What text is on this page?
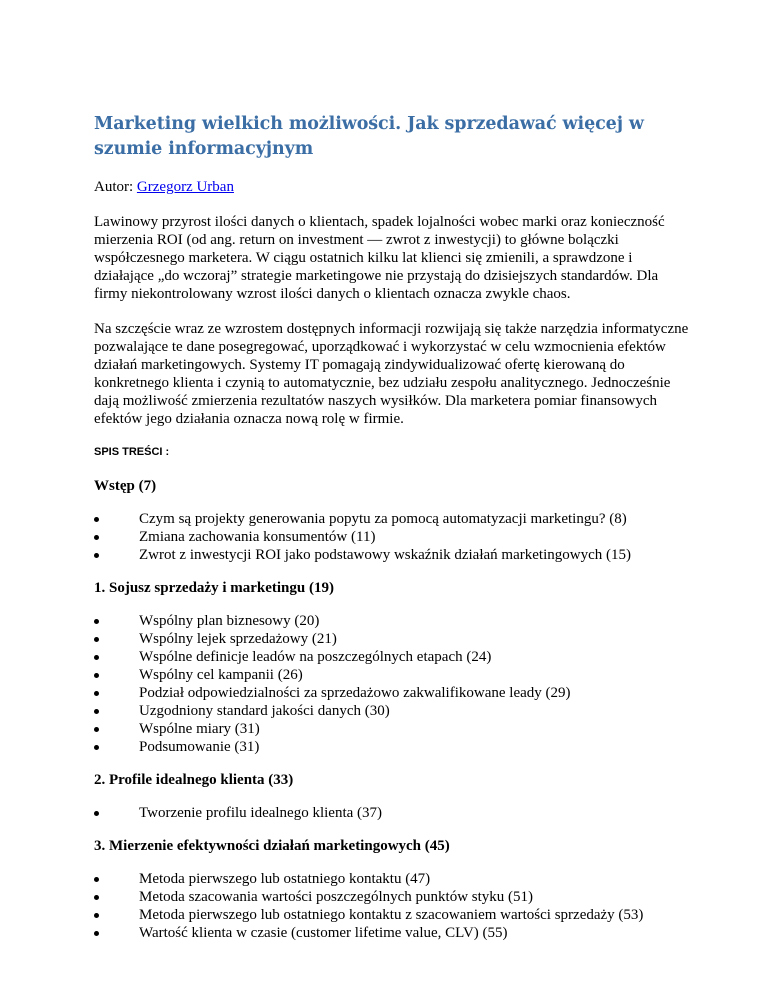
Marketing wielkich możliwości. Jak sprzedawać więcej w szumie informacyjnym

Autor: Grzegorz Urban

Lawinowy przyrost ilości danych o klientach, spadek lojalności wobec marki oraz konieczność mierzenia ROI (od ang. return on investment — zwrot z inwestycji) to główne bolączki współczesnego marketera. W ciągu ostatnich kilku lat klienci się zmienili, a sprawdzone i działające „do wczoraj” strategie marketingowe nie przystają do dzisiejszych standardów. Dla firmy niekontrolowany wzrost ilości danych o klientach oznacza zwykle chaos.

Na szczęście wraz ze wzrostem dostępnych informacji rozwijają się także narzędzia informatyczne pozwalające te dane posegregować, uporządkować i wykorzystać w celu wzmocnienia efektów działań marketingowych. Systemy IT pomagają zindywidualizować ofertę kierowaną do konkretnego klienta i czynią to automatycznie, bez udziału zespołu analitycznego. Jednocześnie dają możliwość zmierzenia rezultatów naszych wysiłków. Dla marketera pomiar finansowych efektów jego działania oznacza nową rolę w firmie.

SPIS TREŚCI :
Wstęp (7)
Czym są projekty generowania popytu za pomocą automatyzacji marketingu? (8)
Zmiana zachowania konsumentów (11)
Zwrot z inwestycji ROI jako podstawowy wskaźnik działań marketingowych (15)
1. Sojusz sprzedaży i marketingu (19)
Wspólny plan biznesowy (20)
Wspólny lejek sprzedażowy (21)
Wspólne definicje leadów na poszczególnych etapach (24)
Wspólny cel kampanii (26)
Podział odpowiedzialności za sprzedażowo zakwalifikowane leady (29)
Uzgodniony standard jakości danych (30)
Wspólne miary (31)
Podsumowanie (31)
2. Profile idealnego klienta (33)
Tworzenie profilu idealnego klienta (37)
3. Mierzenie efektywności działań marketingowych (45)
Metoda pierwszego lub ostatniego kontaktu (47)
Metoda szacowania wartości poszczególnych punktów styku (51)
Metoda pierwszego lub ostatniego kontaktu z szacowaniem wartości sprzedaży (53)
Wartość klienta w czasie (customer lifetime value, CLV) (55)
